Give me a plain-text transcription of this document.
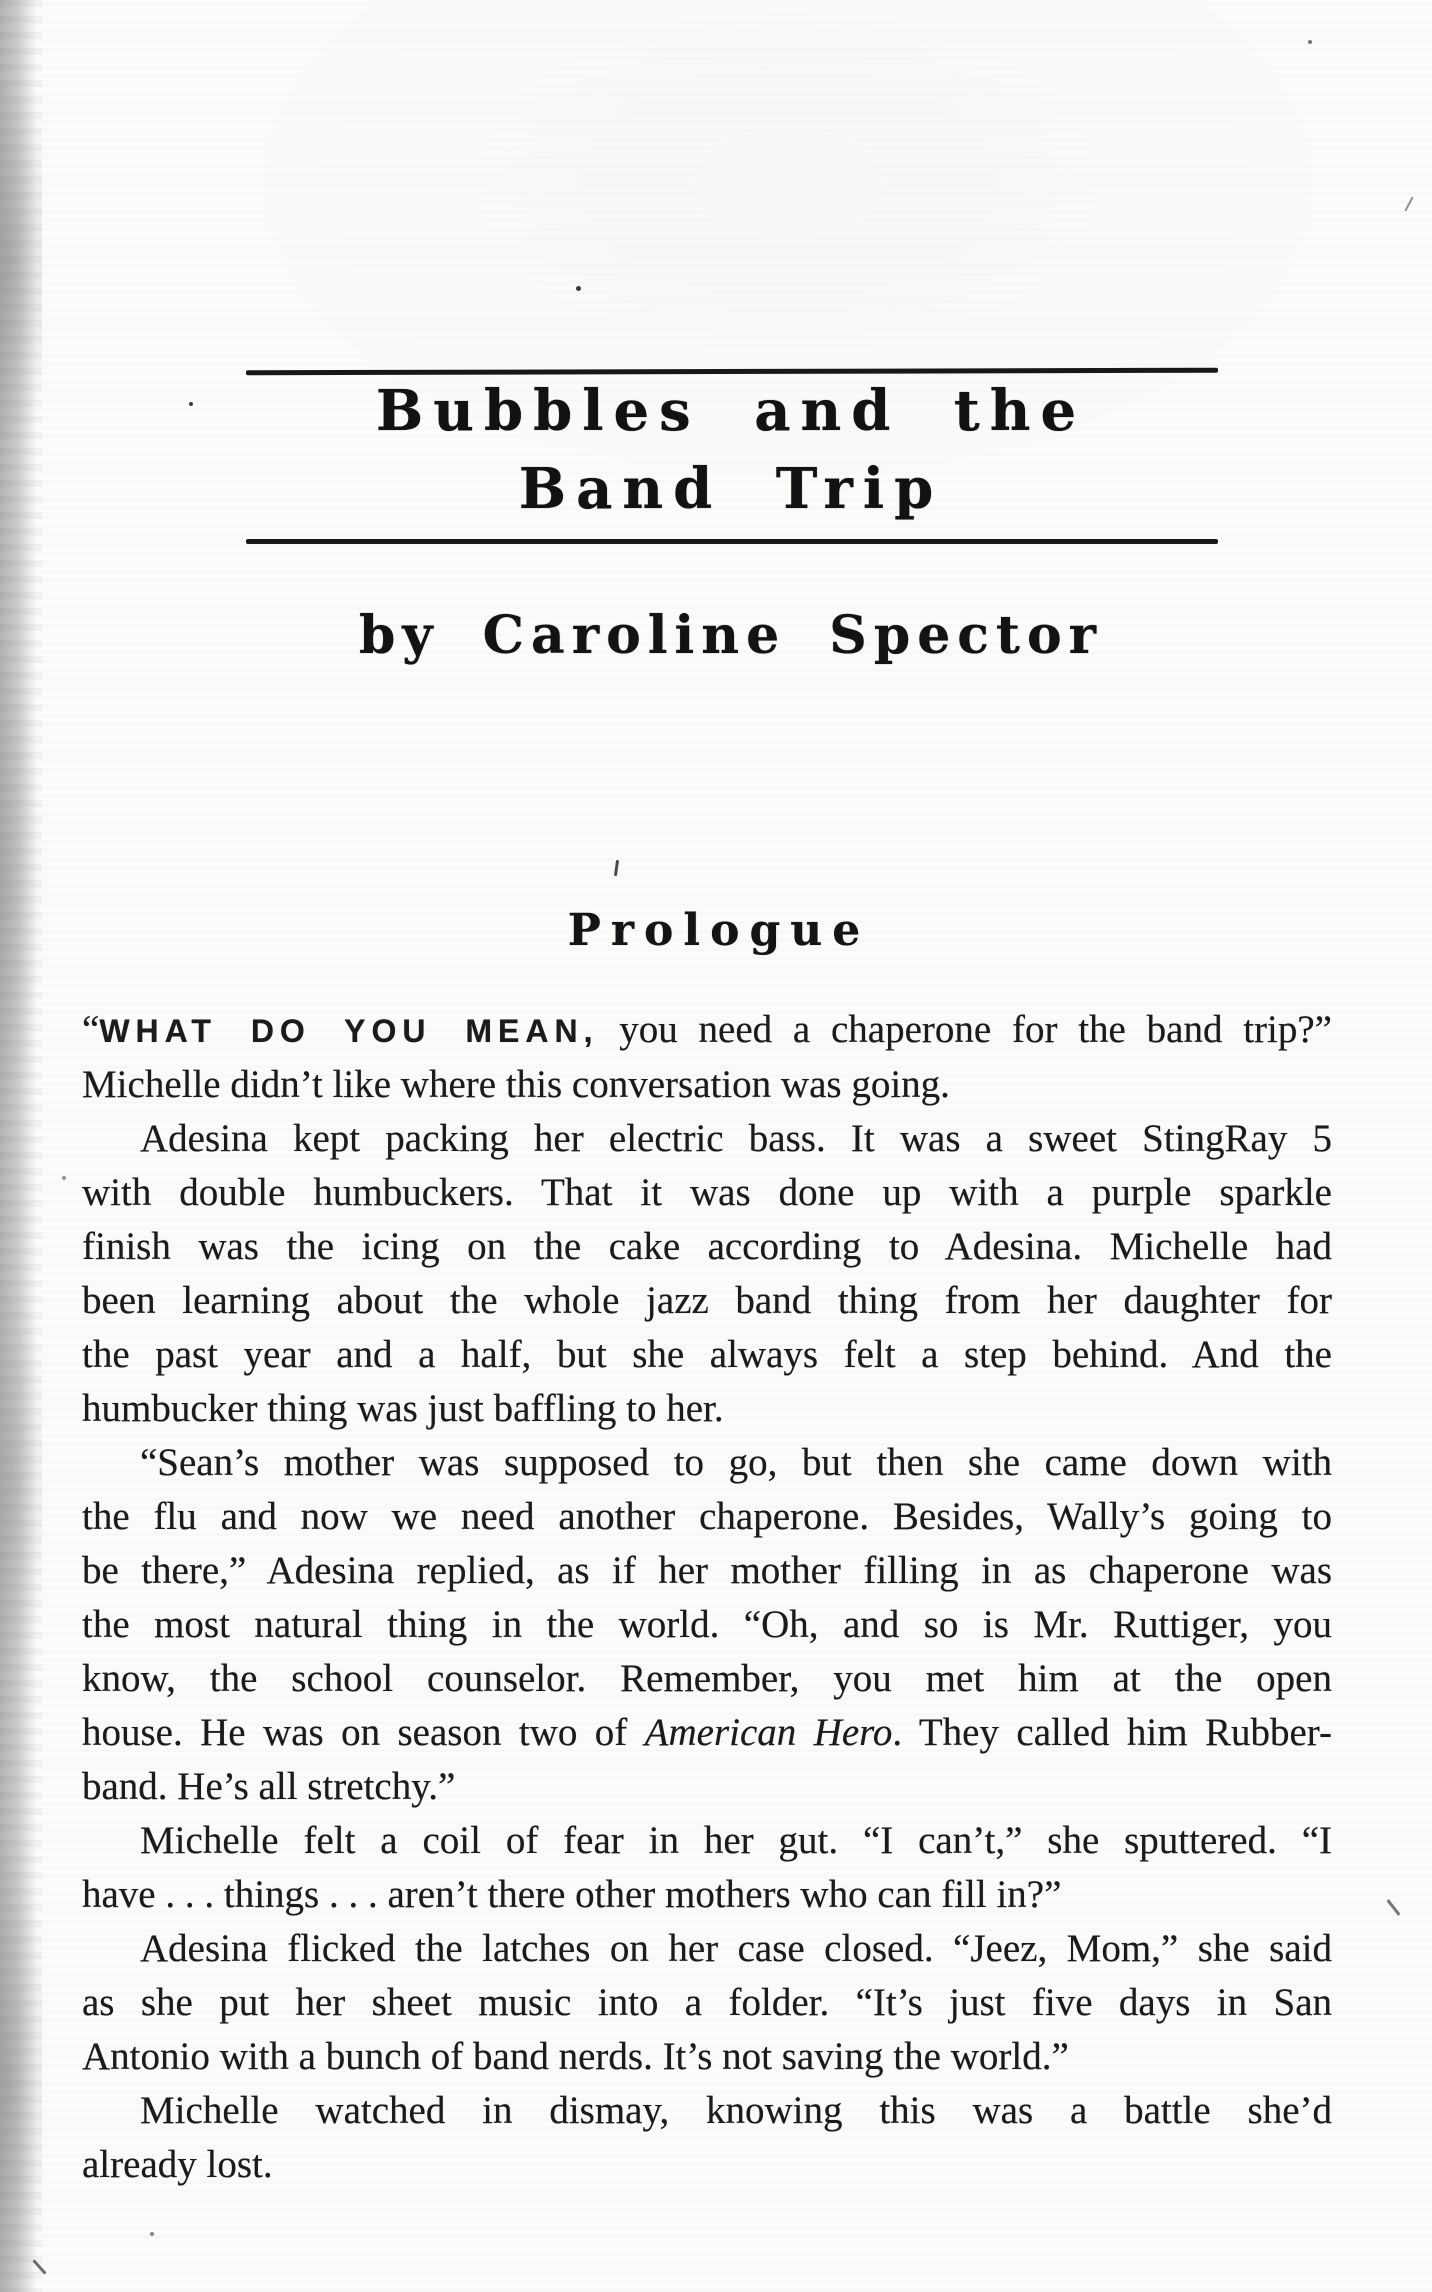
Bubbles and the
Band Trip
by Caroline Spector
Prologue
“WHAT DO YOU MEAN, you need a chaperone for the band trip?”
Michelle didn’t like where this conversation was going.
Adesina kept packing her electric bass. It was a sweet StingRay 5
with double humbuckers. That it was done up with a purple sparkle
finish was the icing on the cake according to Adesina. Michelle had
been learning about the whole jazz band thing from her daughter for
the past year and a half, but she always felt a step behind. And the
humbucker thing was just baffling to her.
“Sean’s mother was supposed to go, but then she came down with
the flu and now we need another chaperone. Besides, Wally’s going to
be there,” Adesina replied, as if her mother filling in as chaperone was
the most natural thing in the world. “Oh, and so is Mr. Ruttiger, you
know, the school counselor. Remember, you met him at the open
house. He was on season two of American Hero. They called him Rubber-
band. He’s all stretchy.”
Michelle felt a coil of fear in her gut. “I can’t,” she sputtered. “I
have . . . things . . . aren’t there other mothers who can fill in?”
Adesina flicked the latches on her case closed. “Jeez, Mom,” she said
as she put her sheet music into a folder. “It’s just five days in San
Antonio with a bunch of band nerds. It’s not saving the world.”
Michelle watched in dismay, knowing this was a battle she’d
already lost.
